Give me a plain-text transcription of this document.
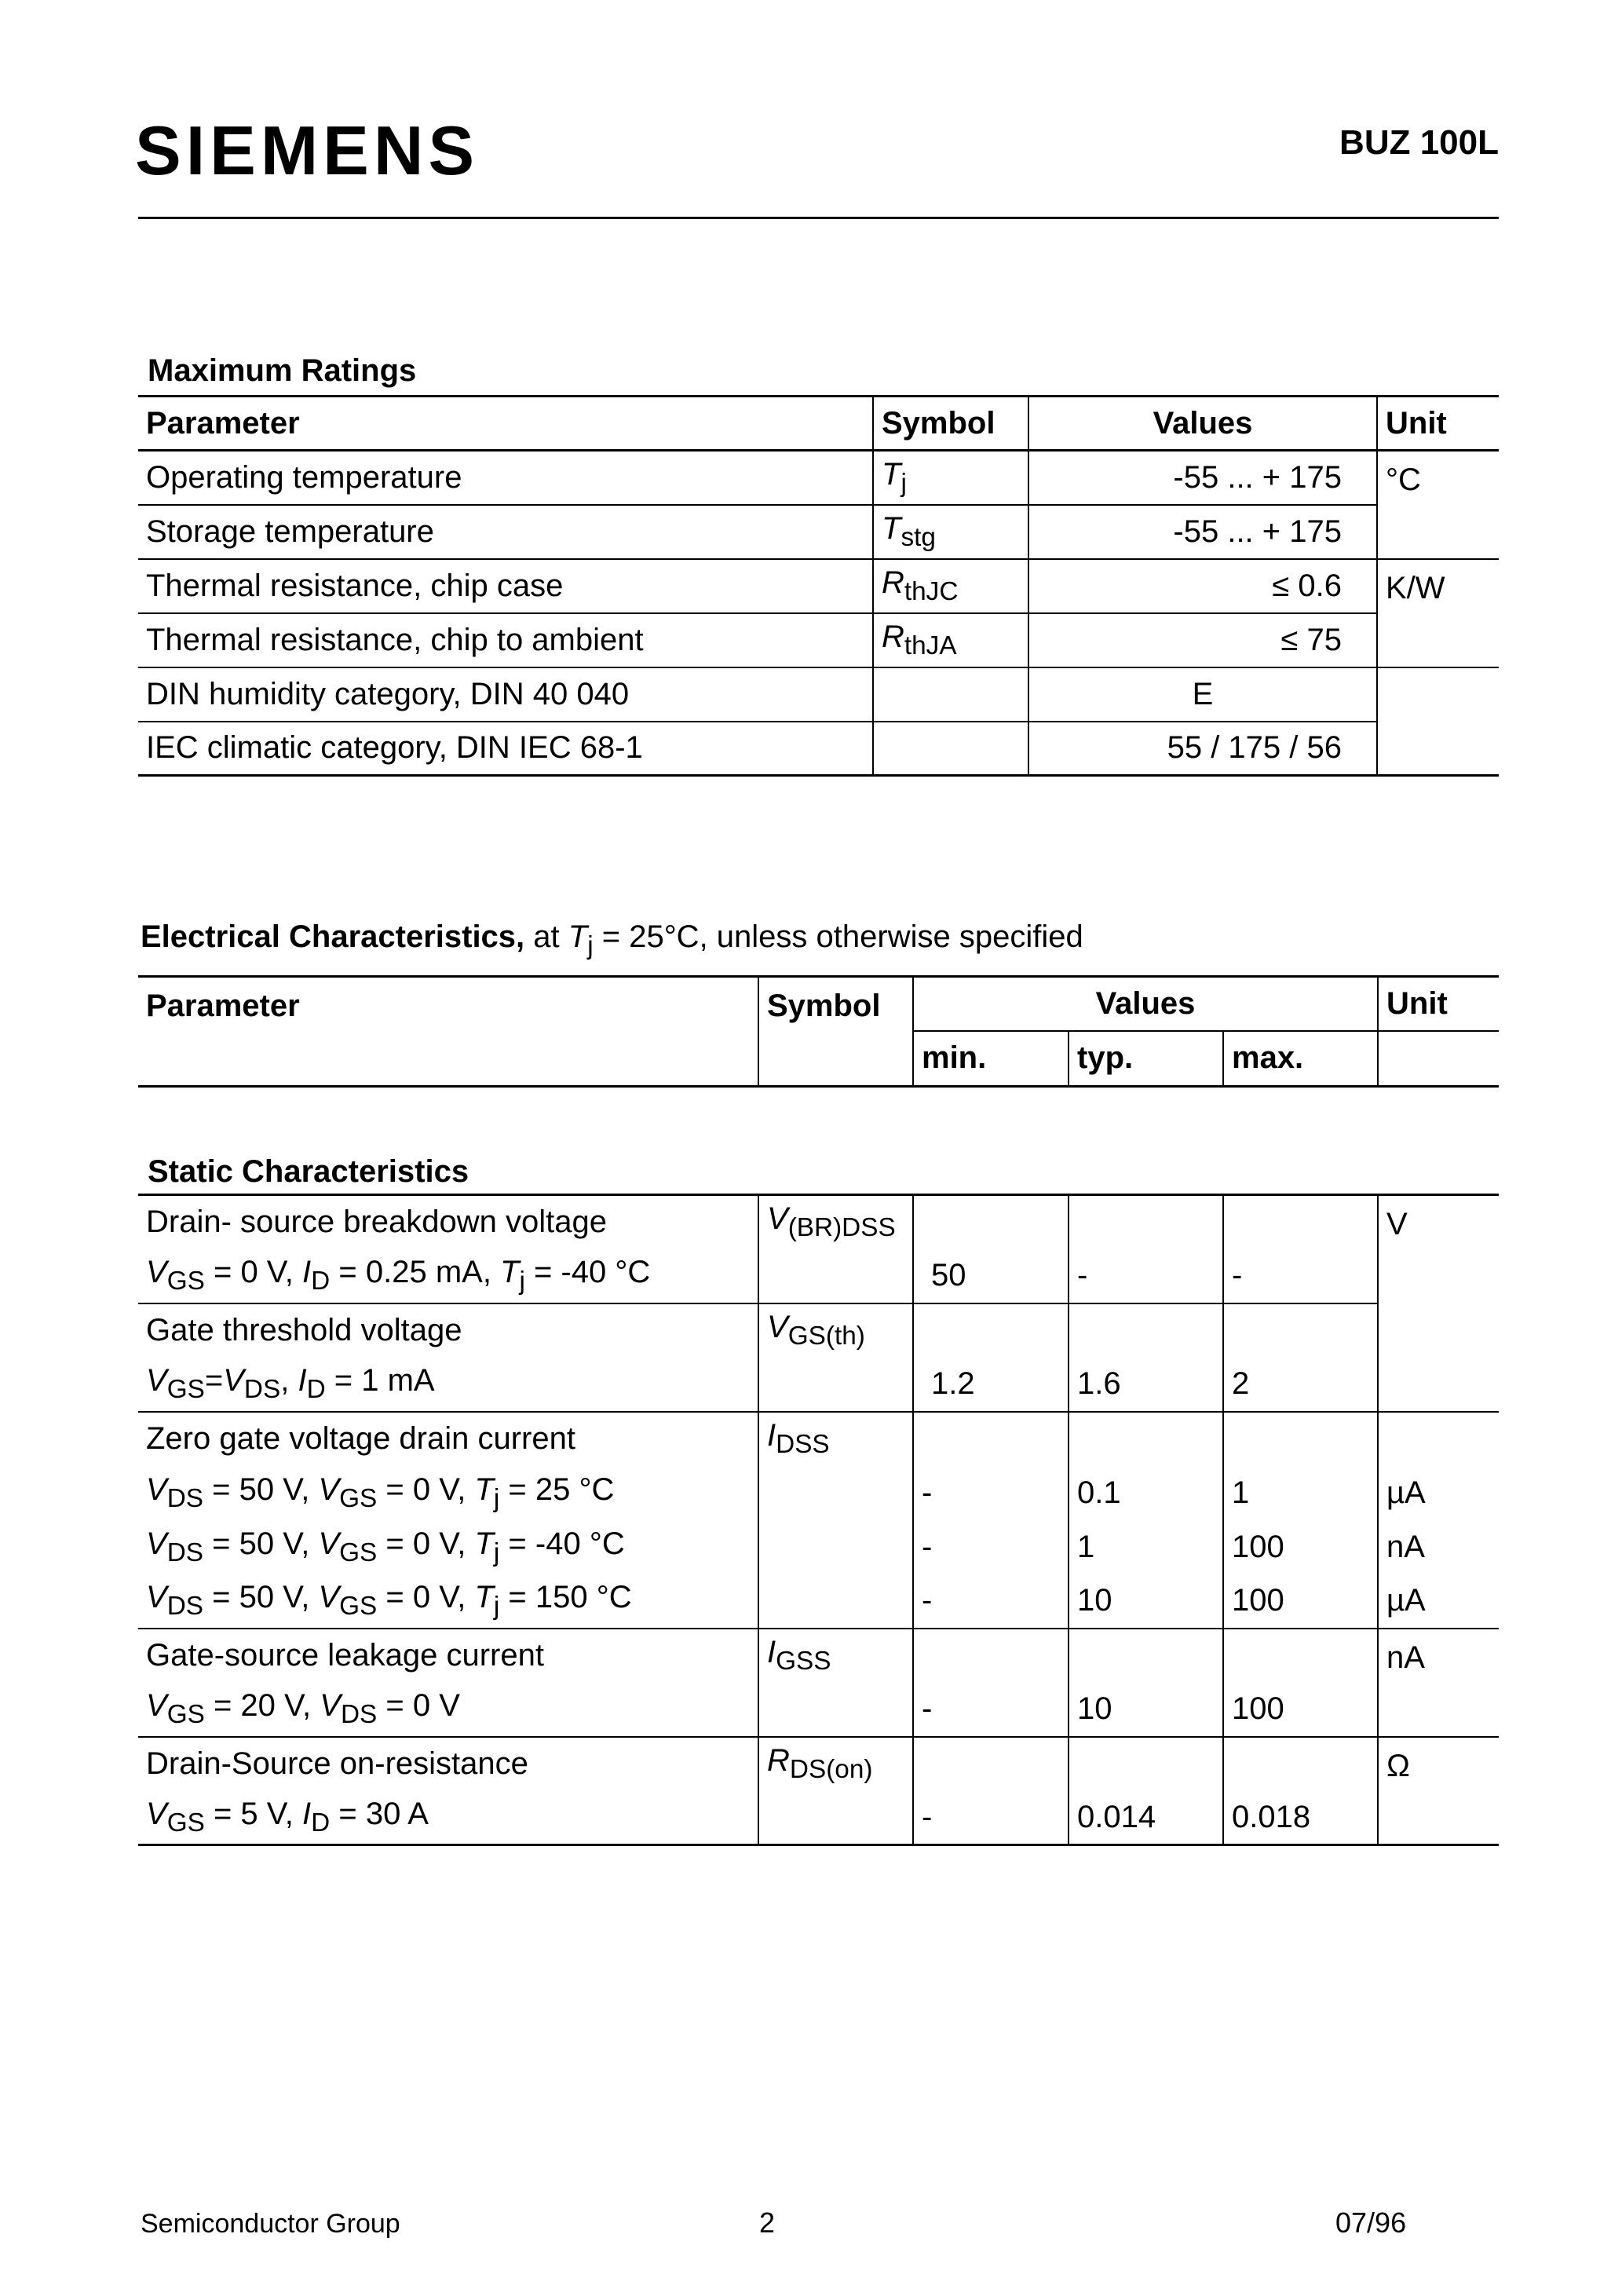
SIEMENS	BUZ 100L
Maximum Ratings
Parameter	Symbol	Values	Unit
Operating temperature	$T_j$	-55 ... + 175	°C
Storage temperature	$T_{stg}$	-55 ... + 175	
Thermal resistance, chip case	$R_{thJC}$	≤ 0.6	K/W
Thermal resistance, chip to ambient	$R_{thJA}$	≤ 75	
DIN humidity category, DIN 40 040		E	
IEC climatic category, DIN IEC 68-1		55 / 175 / 56	
Electrical Characteristics, at $T_j = 25^\circ C$, unless otherwise specified
Parameter	Symbol	Values			Unit
		min.	typ.	max.	
Static Characteristics
Drain- source breakdown voltage	$V_{(BR)DSS}$				V
$V_{GS} = 0$ V, $I_D = 0.25$ mA, $T_j = -40$ °C		50	-	-	
Gate threshold voltage	$V_{GS(th)}$			
$V_{GS}=V_{DS}$, $I_D = 1$ mA		1.2	1.6	2	
Zero gate voltage drain current	$I_{DSS}$				
$V_{DS} = 50$ V, $V_{GS} = 0$ V, $T_j = 25$ °C		-	0.1	1	µA
$V_{DS} = 50$ V, $V_{GS} = 0$ V, $T_j = -40$ °C		-	1	100	nA
$V_{DS} = 50$ V, $V_{GS} = 0$ V, $T_j = 150$ °C		-	10	100	µA
Gate-source leakage current	$I_{GSS}$				nA
$V_{GS} = 20$ V, $V_{DS} = 0$ V		-	10	100	
Drain-Source on-resistance	$R_{DS(on)}$				Ω
$V_{GS} = 5$ V, $I_D = 30$ A		-	0.014	0.018	
Semiconductor Group	2	07/96
